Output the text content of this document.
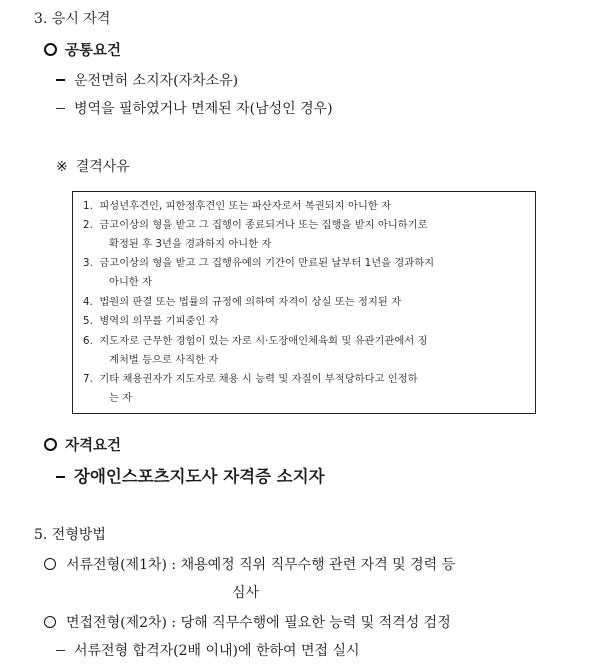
3. 응시 자격
공통요건
운전면허 소지자(자차소유)
병역을 필하였거나 면제된 자(남성인 경우)
※ 결격사유
1. 피성년후견인, 피한정후견인 또는 파산자로서 복권되지 아니한 자
2. 금고이상의 형을 받고 그 집행이 종료되거나 또는 집행을 받지 아니하기로
확정된 후 3년을 경과하지 아니한 자
3. 금고이상의 형을 받고 그 집행유예의 기간이 만료된 날부터 1년을 경과하지
아니한 자
4. 법원의 판결 또는 법률의 규정에 의하여 자격이 상실 또는 정지된 자
5. 병역의 의무를 기피중인 자
6. 지도자로 근무한 경험이 있는 자로 시·도장애인체육회 및 유관기관에서 징
계처벌 등으로 사직한 자
7. 기타 채용권자가 지도자로 채용 시 능력 및 자질이 부적당하다고 인정하
는 자
자격요건
장애인스포츠지도사 자격증 소지자
5. 전형방법
서류전형(제1차) : 채용예정 직위 직무수행 관련 자격 및 경력 등
심사
면접전형(제2차) : 당해 직무수행에 필요한 능력 및 적격성 검정
서류전형 합격자(2배 이내)에 한하여 면접 실시
